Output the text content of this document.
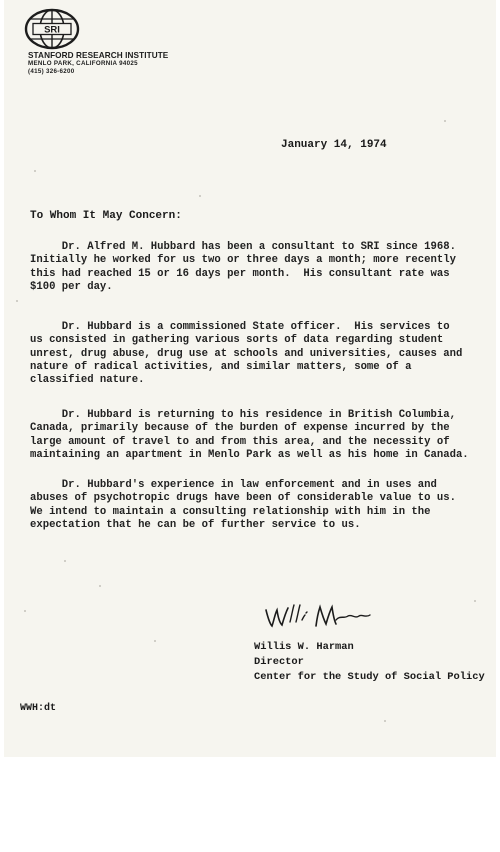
SRI
STANFORD RESEARCH INSTITUTE
MENLO PARK, CALIFORNIA 94025
(415) 326-6200
January 14, 1974
To Whom It May Concern:
Dr. Alfred M. Hubbard has been a consultant to SRI since 1968.
Initially he worked for us two or three days a month; more recently
this had reached 15 or 16 days per month.  His consultant rate was
$100 per day.
Dr. Hubbard is a commissioned State officer.  His services to
us consisted in gathering various sorts of data regarding student
unrest, drug abuse, drug use at schools and universities, causes and
nature of radical activities, and similar matters, some of a
classified nature.
Dr. Hubbard is returning to his residence in British Columbia,
Canada, primarily because of the burden of expense incurred by the
large amount of travel to and from this area, and the necessity of
maintaining an apartment in Menlo Park as well as his home in Canada.
Dr. Hubbard's experience in law enforcement and in uses and
abuses of psychotropic drugs have been of considerable value to us.
We intend to maintain a consulting relationship with him in the
expectation that he can be of further service to us.
Willis W. Harman
Director
Center for the Study of Social Policy
WWH:dt
